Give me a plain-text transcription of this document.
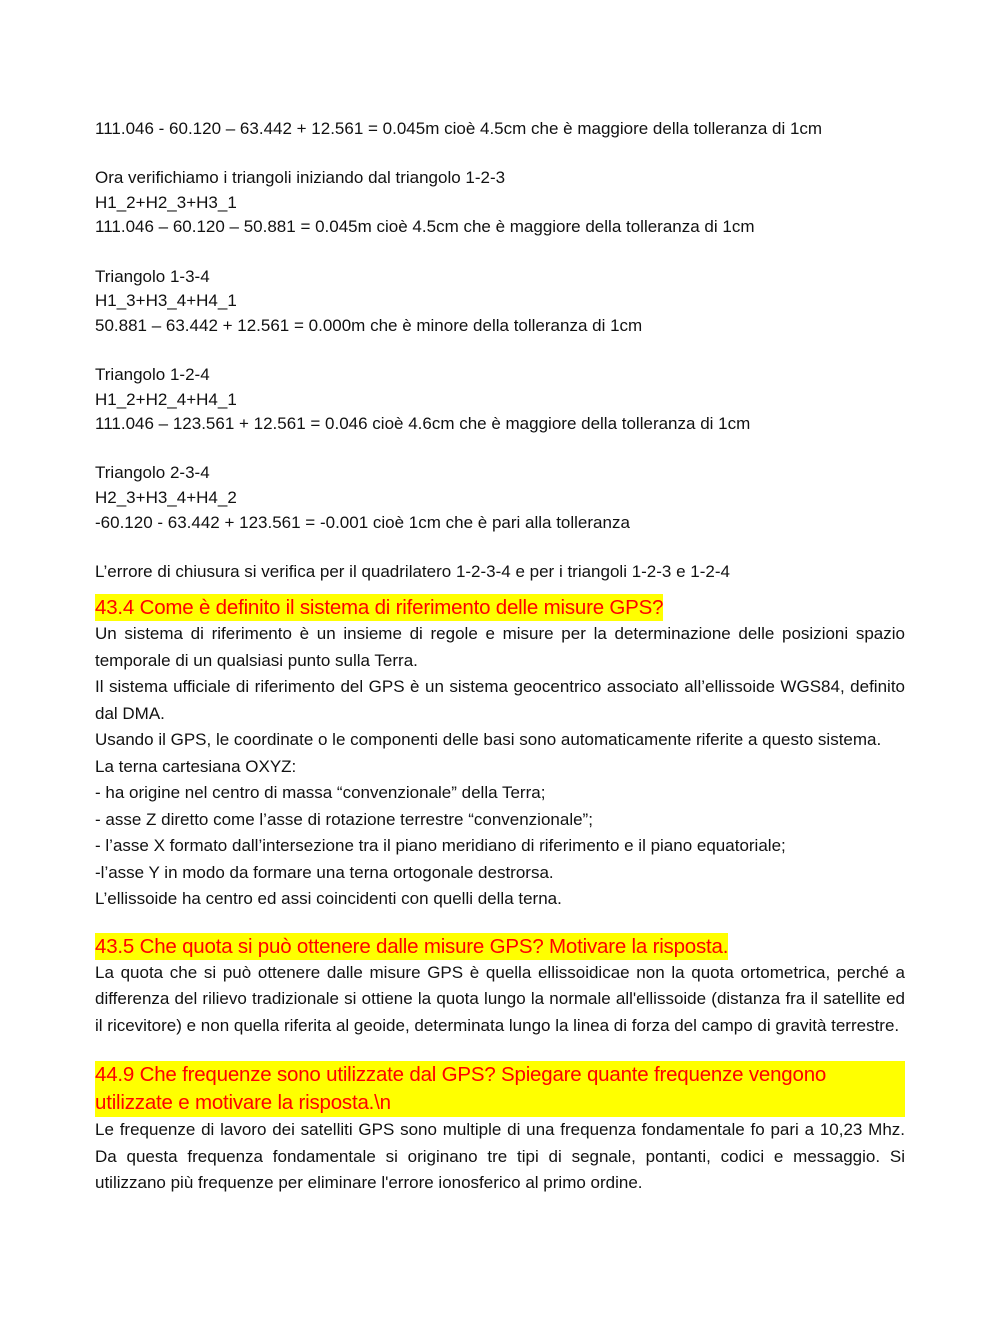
111.046 - 60.120 – 63.442 + 12.561 = 0.045m cioè 4.5cm che è maggiore della tolleranza di 1cm

Ora verifichiamo i triangoli iniziando dal triangolo 1-2-3

H1_2+H2_3+H3_1

111.046 – 60.120 – 50.881 = 0.045m cioè 4.5cm che è maggiore della tolleranza di 1cm

Triangolo 1-3-4

H1_3+H3_4+H4_1

50.881 – 63.442 + 12.561 = 0.000m che è minore della tolleranza di 1cm

Triangolo 1-2-4

H1_2+H2_4+H4_1

111.046 – 123.561 + 12.561 = 0.046 cioè 4.6cm che è maggiore della tolleranza di 1cm

Triangolo 2-3-4

H2_3+H3_4+H4_2

-60.120 - 63.442 + 123.561 = -0.001 cioè 1cm che è pari alla tolleranza

L’errore di chiusura si verifica per il quadrilatero 1-2-3-4 e per i triangoli 1-2-3 e 1-2-4

43.4 Come è definito il sistema di riferimento delle misure GPS?

Un sistema di riferimento è un insieme di regole e misure per la determinazione delle posizioni spazio temporale di un qualsiasi punto sulla Terra.

Il sistema ufficiale di riferimento del GPS è un sistema geocentrico associato all’ellissoide WGS84, definito dal DMA.

Usando il GPS, le coordinate o le componenti delle basi sono automaticamente riferite a questo sistema.

La terna cartesiana OXYZ:

- ha origine nel centro di massa “convenzionale” della Terra;

- asse Z diretto come l’asse di rotazione terrestre “convenzionale”;

- l’asse X formato dall’intersezione tra il piano meridiano di riferimento e il piano equatoriale;

-l’asse Y in modo da formare una terna ortogonale destrorsa.

L’ellissoide ha centro ed assi coincidenti con quelli della terna.

43.5 Che quota si può ottenere dalle misure GPS? Motivare la risposta.

La quota che si può ottenere dalle misure GPS è quella ellissoidicae non la quota ortometrica, perché a differenza del rilievo tradizionale si ottiene la quota lungo la normale all'ellissoide (distanza fra il satellite ed il ricevitore) e non quella riferita al geoide, determinata lungo la linea di forza del campo di gravità terrestre.

44.9 Che frequenze sono utilizzate dal GPS? Spiegare quante frequenze vengono utilizzate e motivare la risposta.\n

Le frequenze di lavoro dei satelliti GPS sono multiple di una frequenza fondamentale fo pari a 10,23 Mhz. Da questa frequenza fondamentale si originano tre tipi di segnale, pontanti, codici e messaggio. Si utilizzano più frequenze per eliminare l'errore ionosferico al primo ordine.
